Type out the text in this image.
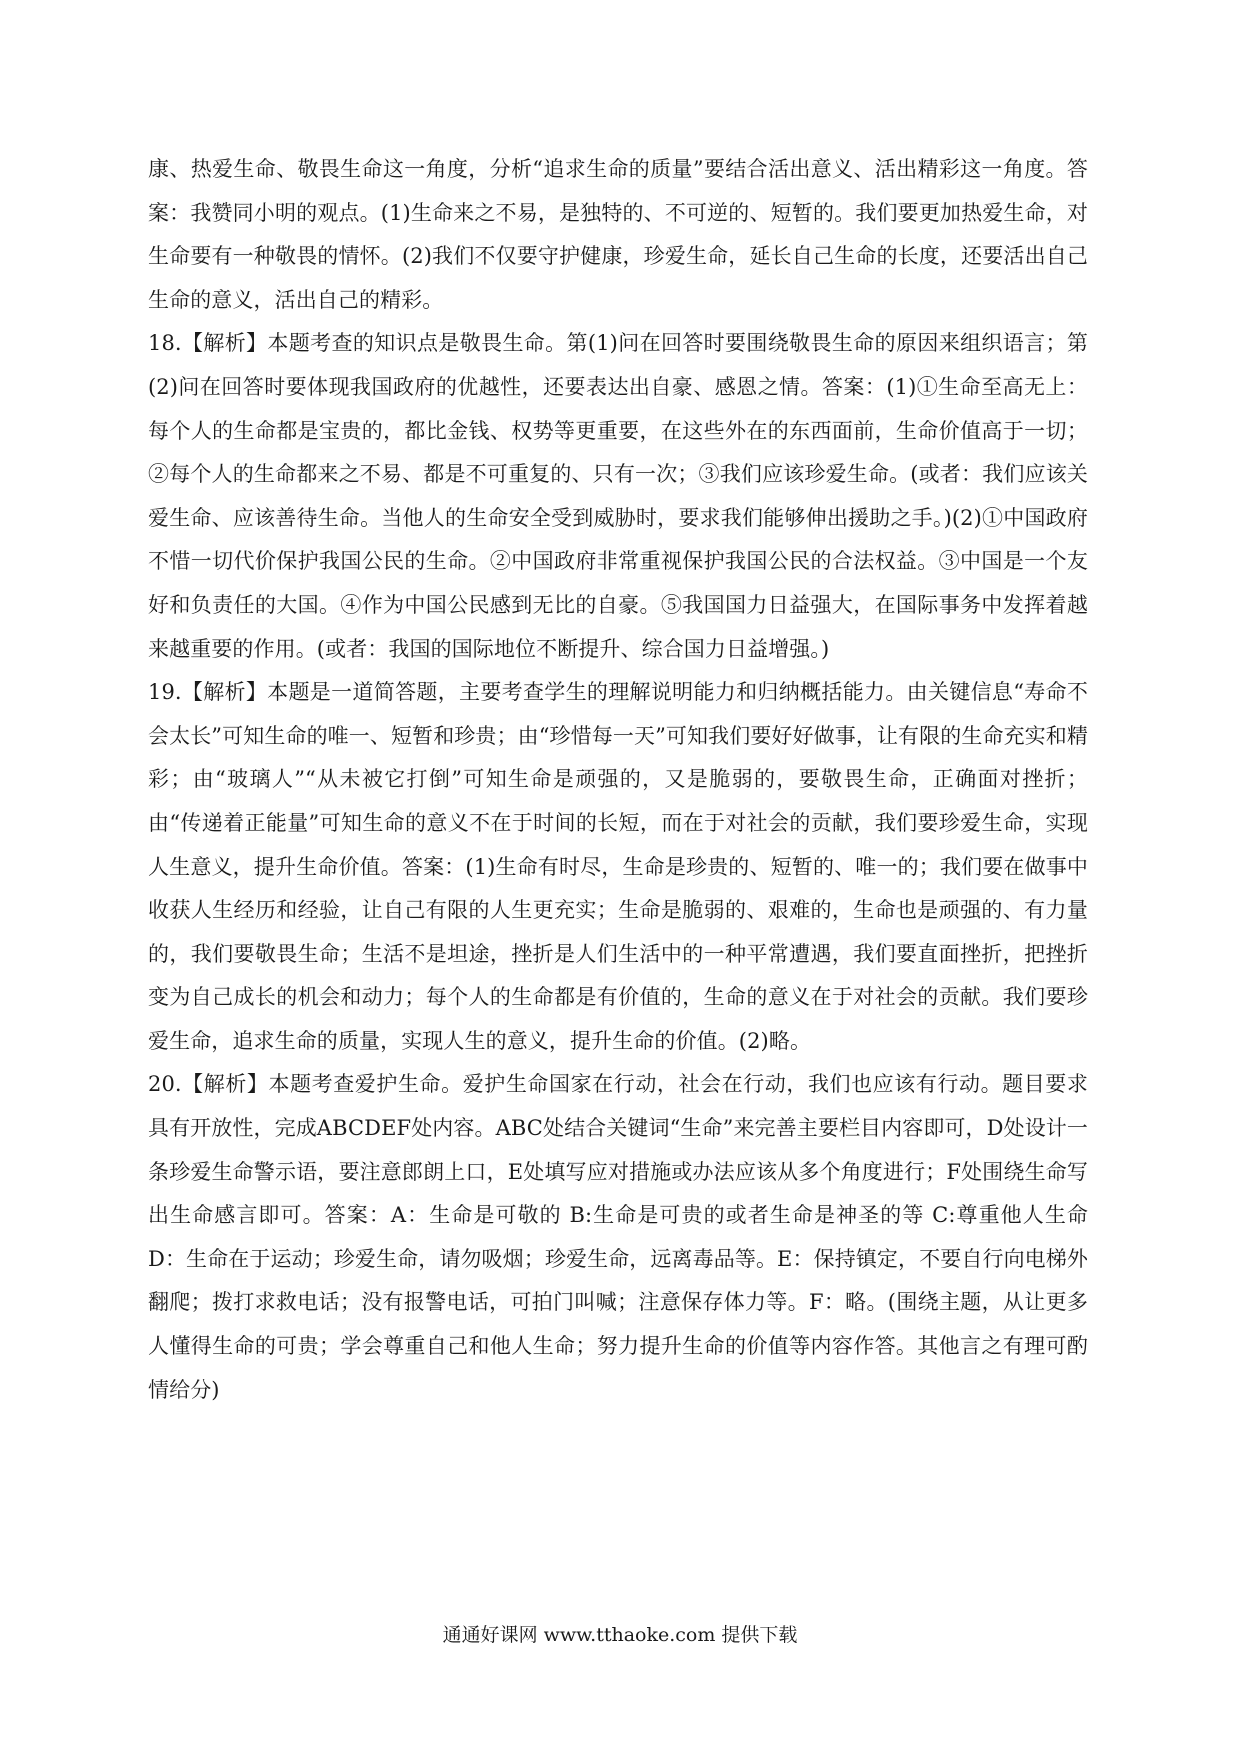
康、热爱生命、敬畏生命这一角度，分析“追求生命的质量”要结合活出意义、活出精彩这一角度。答案：我赞同小明的观点。(1)生命来之不易，是独特的、不可逆的、短暂的。我们要更加热爱生命，对生命要有一种敬畏的情怀。(2)我们不仅要守护健康，珍爱生命，延长自己生命的长度，还要活出自己生命的意义，活出自己的精彩。

18.【解析】本题考查的知识点是敬畏生命。第(1)问在回答时要围绕敬畏生命的原因来组织语言；第(2)问在回答时要体现我国政府的优越性，还要表达出自豪、感恩之情。答案：(1)①生命至高无上：每个人的生命都是宝贵的，都比金钱、权势等更重要，在这些外在的东西面前，生命价值高于一切；②每个人的生命都来之不易、都是不可重复的、只有一次；③我们应该珍爱生命。(或者：我们应该关爱生命、应该善待生命。当他人的生命安全受到威胁时，要求我们能够伸出援助之手。)(2)①中国政府不惜一切代价保护我国公民的生命。②中国政府非常重视保护我国公民的合法权益。③中国是一个友好和负责任的大国。④作为中国公民感到无比的自豪。⑤我国国力日益强大，在国际事务中发挥着越来越重要的作用。(或者：我国的国际地位不断提升、综合国力日益增强。)

19.【解析】本题是一道简答题，主要考查学生的理解说明能力和归纳概括能力。由关键信息“寿命不会太长”可知生命的唯一、短暂和珍贵；由“珍惜每一天”可知我们要好好做事，让有限的生命充实和精彩；由“玻璃人”“从未被它打倒”可知生命是顽强的，又是脆弱的，要敬畏生命，正确面对挫折；由“传递着正能量”可知生命的意义不在于时间的长短，而在于对社会的贡献，我们要珍爱生命，实现人生意义，提升生命价值。答案：(1)生命有时尽，生命是珍贵的、短暂的、唯一的；我们要在做事中收获人生经历和经验，让自己有限的人生更充实；生命是脆弱的、艰难的，生命也是顽强的、有力量的，我们要敬畏生命；生活不是坦途，挫折是人们生活中的一种平常遭遇，我们要直面挫折，把挫折变为自己成长的机会和动力；每个人的生命都是有价值的，生命的意义在于对社会的贡献。我们要珍爱生命，追求生命的质量，实现人生的意义，提升生命的价值。(2)略。

20.【解析】本题考查爱护生命。爱护生命国家在行动，社会在行动，我们也应该有行动。题目要求具有开放性，完成ABCDEF处内容。ABC处结合关键词“生命”来完善主要栏目内容即可，D处设计一条珍爱生命警示语，要注意郎朗上口，E处填写应对措施或办法应该从多个角度进行；F处围绕生命写出生命感言即可。答案：A：生命是可敬的 B:生命是可贵的或者生命是神圣的等 C:尊重他人生命 D：生命在于运动；珍爱生命，请勿吸烟；珍爱生命，远离毒品等。E：保持镇定，不要自行向电梯外翻爬；拨打求救电话；没有报警电话，可拍门叫喊；注意保存体力等。F：略。(围绕主题，从让更多人懂得生命的可贵；学会尊重自己和他人生命；努力提升生命的价值等内容作答。其他言之有理可酌情给分)

通通好课网 www.tthaoke.com 提供下载
